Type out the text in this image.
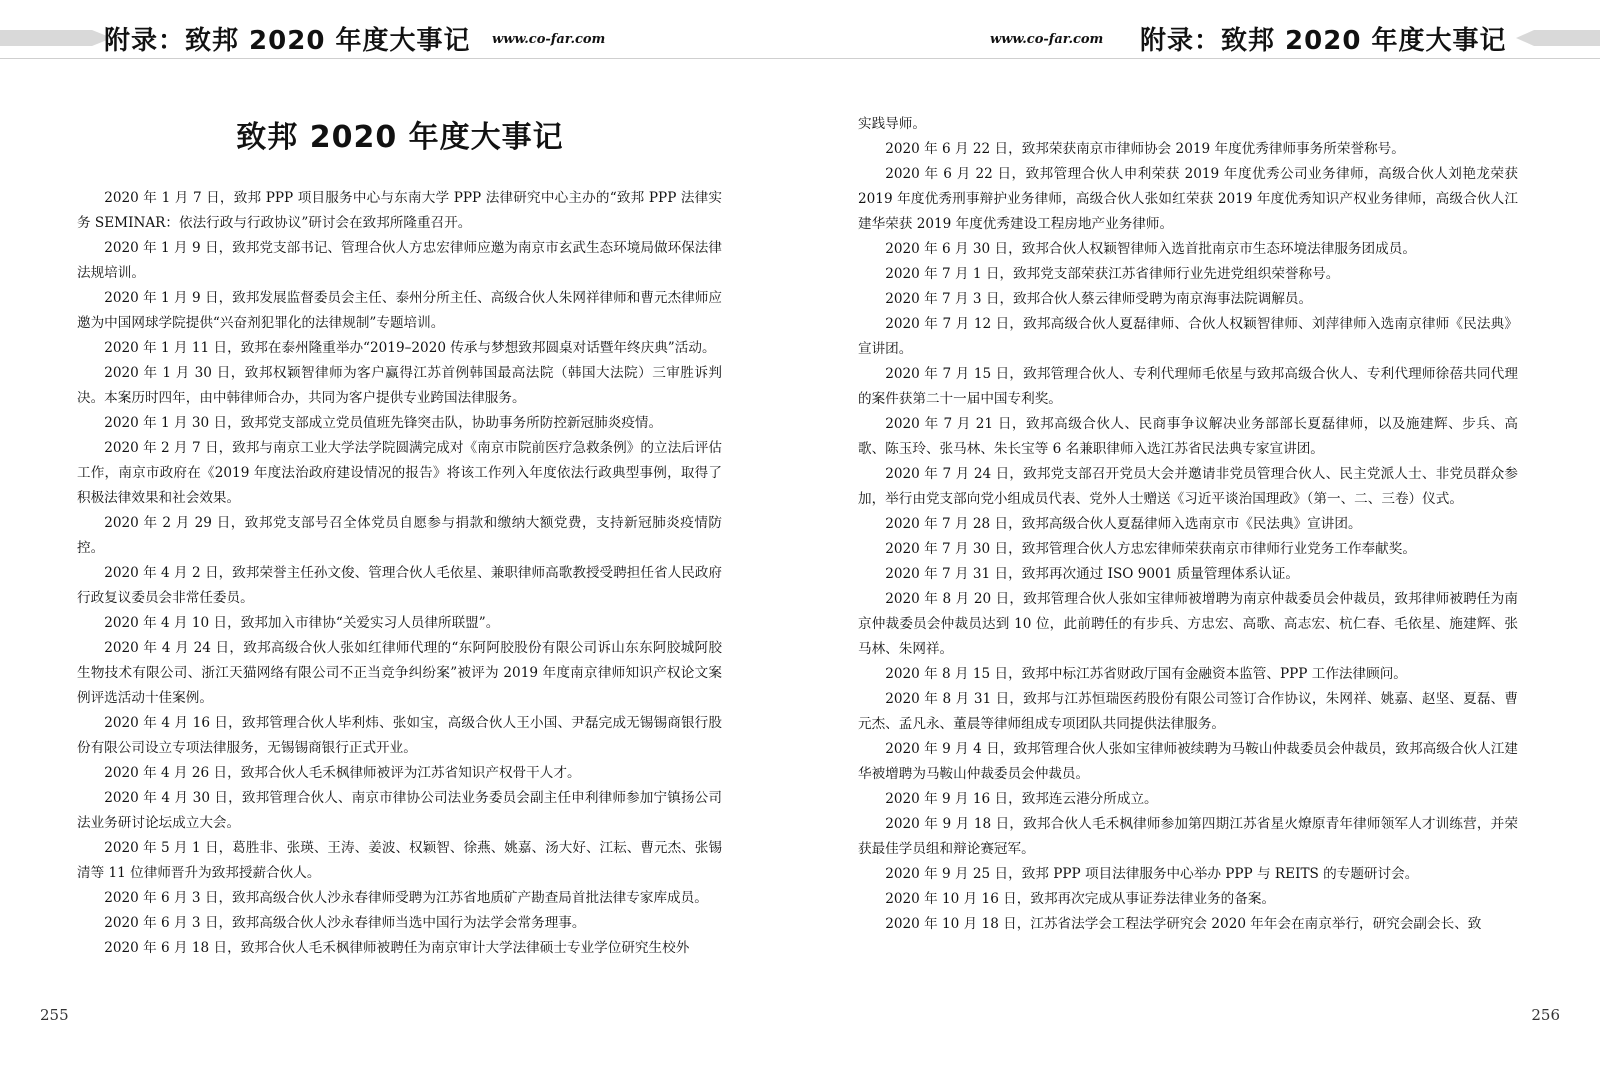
附录：致邦 2020 年度大事记 www.co-far.com
致邦 2020 年度大事记

2020 年 1 月 7 日，致邦 PPP 项目服务中心与东南大学 PPP 法律研究中心主办的“致邦 PPP 法律实务 SEMINAR：依法行政与行政协议”研讨会在致邦所隆重召开。

2020 年 1 月 9 日，致邦党支部书记、管理合伙人方忠宏律师应邀为南京市玄武生态环境局做环保法律法规培训。

2020 年 1 月 9 日，致邦发展监督委员会主任、泰州分所主任、高级合伙人朱网祥律师和曹元杰律师应邀为中国网球学院提供“兴奋剂犯罪化的法律规制”专题培训。

2020 年 1 月 11 日，致邦在泰州隆重举办“2019–2020 传承与梦想致邦圆桌对话暨年终庆典”活动。

2020 年 1 月 30 日，致邦权颖智律师为客户赢得江苏首例韩国最高法院（韩国大法院）三审胜诉判决。本案历时四年，由中韩律师合办，共同为客户提供专业跨国法律服务。

2020 年 1 月 30 日，致邦党支部成立党员值班先锋突击队，协助事务所防控新冠肺炎疫情。

2020 年 2 月 7 日，致邦与南京工业大学法学院圆满完成对《南京市院前医疗急救条例》的立法后评估工作，南京市政府在《2019 年度法治政府建设情况的报告》将该工作列入年度依法行政典型事例，取得了积极法律效果和社会效果。

2020 年 2 月 29 日，致邦党支部号召全体党员自愿参与捐款和缴纳大额党费，支持新冠肺炎疫情防控。

2020 年 4 月 2 日，致邦荣誉主任孙文俊、管理合伙人毛依星、兼职律师高歌教授受聘担任省人民政府行政复议委员会非常任委员。

2020 年 4 月 10 日，致邦加入市律协“关爱实习人员律所联盟”。

2020 年 4 月 24 日，致邦高级合伙人张如红律师代理的“东阿阿胶股份有限公司诉山东东阿胶城阿胶生物技术有限公司、浙江天猫网络有限公司不正当竞争纠纷案”被评为 2019 年度南京律师知识产权论文案例评选活动十佳案例。

2020 年 4 月 16 日，致邦管理合伙人毕利炜、张如宝，高级合伙人王小国、尹磊完成无锡锡商银行股份有限公司设立专项法律服务，无锡锡商银行正式开业。

2020 年 4 月 26 日，致邦合伙人毛禾枫律师被评为江苏省知识产权骨干人才。

2020 年 4 月 30 日，致邦管理合伙人、南京市律协公司法业务委员会副主任申利律师参加宁镇扬公司法业务研讨论坛成立大会。

2020 年 5 月 1 日，葛胜非、张瑛、王涛、姜波、权颖智、徐燕、姚嘉、汤大好、江耘、曹元杰、张锡清等 11 位律师晋升为致邦授薪合伙人。

2020 年 6 月 3 日，致邦高级合伙人沙永春律师受聘为江苏省地质矿产勘查局首批法律专家库成员。

2020 年 6 月 3 日，致邦高级合伙人沙永春律师当选中国行为法学会常务理事。

2020 年 6 月 18 日，致邦合伙人毛禾枫律师被聘任为南京审计大学法律硕士专业学位研究生校外

255
www.co-far.com 附录：致邦 2020 年度大事记

实践导师。

2020 年 6 月 22 日，致邦荣获南京市律师协会 2019 年度优秀律师事务所荣誉称号。

2020 年 6 月 22 日，致邦管理合伙人申利荣获 2019 年度优秀公司业务律师，高级合伙人刘艳龙荣获 2019 年度优秀刑事辩护业务律师，高级合伙人张如红荣获 2019 年度优秀知识产权业务律师，高级合伙人江建华荣获 2019 年度优秀建设工程房地产业务律师。

2020 年 6 月 30 日，致邦合伙人权颖智律师入选首批南京市生态环境法律服务团成员。

2020 年 7 月 1 日，致邦党支部荣获江苏省律师行业先进党组织荣誉称号。

2020 年 7 月 3 日，致邦合伙人蔡云律师受聘为南京海事法院调解员。

2020 年 7 月 12 日，致邦高级合伙人夏磊律师、合伙人权颖智律师、刘萍律师入选南京律师《民法典》宣讲团。

2020 年 7 月 15 日，致邦管理合伙人、专利代理师毛依星与致邦高级合伙人、专利代理师徐蓓共同代理的案件获第二十一届中国专利奖。

2020 年 7 月 21 日，致邦高级合伙人、民商事争议解决业务部部长夏磊律师，以及施建辉、步兵、高歌、陈玉玲、张马林、朱长宝等 6 名兼职律师入选江苏省民法典专家宣讲团。

2020 年 7 月 24 日，致邦党支部召开党员大会并邀请非党员管理合伙人、民主党派人士、非党员群众参加，举行由党支部向党小组成员代表、党外人士赠送《习近平谈治国理政》（第一、二、三卷）仪式。

2020 年 7 月 28 日，致邦高级合伙人夏磊律师入选南京市《民法典》宣讲团。

2020 年 7 月 30 日，致邦管理合伙人方忠宏律师荣获南京市律师行业党务工作奉献奖。

2020 年 7 月 31 日，致邦再次通过 ISO 9001 质量管理体系认证。

2020 年 8 月 20 日，致邦管理合伙人张如宝律师被增聘为南京仲裁委员会仲裁员，致邦律师被聘任为南京仲裁委员会仲裁员达到 10 位，此前聘任的有步兵、方忠宏、高歌、高志宏、杭仁春、毛依星、施建辉、张马林、朱网祥。

2020 年 8 月 15 日，致邦中标江苏省财政厅国有金融资本监管、PPP 工作法律顾问。

2020 年 8 月 31 日，致邦与江苏恒瑞医药股份有限公司签订合作协议，朱网祥、姚嘉、赵坚、夏磊、曹元杰、孟凡永、董晨等律师组成专项团队共同提供法律服务。

2020 年 9 月 4 日，致邦管理合伙人张如宝律师被续聘为马鞍山仲裁委员会仲裁员，致邦高级合伙人江建华被增聘为马鞍山仲裁委员会仲裁员。

2020 年 9 月 16 日，致邦连云港分所成立。

2020 年 9 月 18 日，致邦合伙人毛禾枫律师参加第四期江苏省星火燎原青年律师领军人才训练营，并荣获最佳学员组和辩论赛冠军。

2020 年 9 月 25 日，致邦 PPP 项目法律服务中心举办 PPP 与 REITS 的专题研讨会。

2020 年 10 月 16 日，致邦再次完成从事证券法律业务的备案。

2020 年 10 月 18 日，江苏省法学会工程法学研究会 2020 年年会在南京举行，研究会副会长、致

256
